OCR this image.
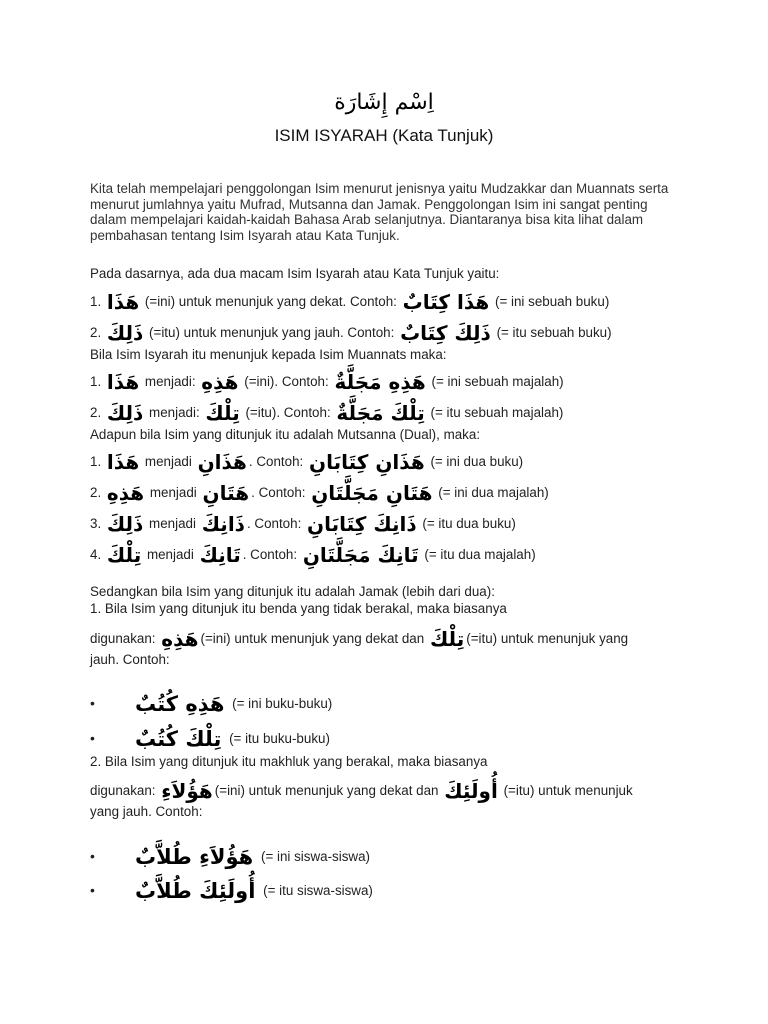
اِسْم إِشَارَة
ISIM ISYARAH (Kata Tunjuk)
Kita telah mempelajari penggolongan Isim menurut jenisnya yaitu Mudzakkar dan Muannats serta menurut jumlahnya yaitu Mufrad, Mutsanna dan Jamak. Penggolongan Isim ini sangat penting dalam mempelajari kaidah-kaidah Bahasa Arab selanjutnya. Diantaranya bisa kita lihat dalam pembahasan tentang Isim Isyarah atau Kata Tunjuk.
Pada dasarnya, ada dua macam Isim Isyarah atau Kata Tunjuk yaitu:
1. هَذَا (=ini) untuk menunjuk yang dekat. Contoh: هَذَا كِتَابٌ (= ini sebuah buku)
2. ذَلِكَ (=itu) untuk menunjuk yang jauh. Contoh: ذَلِكَ كِتَابٌ (= itu sebuah buku)
Bila Isim Isyarah itu menunjuk kepada Isim Muannats maka:
1. هَذَا menjadi: هَذِهِ (=ini). Contoh: هَذِهِ مَجَلَّةٌ (= ini sebuah majalah)
2. ذَلِكَ menjadi: تِلْكَ (=itu). Contoh: تِلْكَ مَجَلَّةٌ (= itu sebuah majalah)
Adapun bila Isim yang ditunjuk itu adalah Mutsanna (Dual), maka:
1. هَذَا menjadi هَذَانِ . Contoh: هَذَانِ كِتَابَانِ (= ini dua buku)
2. هَذِهِ menjadi هَتَانِ . Contoh: هَتَانِ مَجَلَّتَانِ (= ini dua majalah)
3. ذَلِكَ menjadi ذَانِكَ . Contoh: ذَانِكَ كِتَابَانِ (= itu dua buku)
4. تِلْكَ menjadi تَانِكَ . Contoh: تَانِكَ مَجَلَّتَانِ (= itu dua majalah)
Sedangkan bila Isim yang ditunjuk itu adalah Jamak (lebih dari dua):
1. Bila Isim yang ditunjuk itu benda yang tidak berakal, maka biasanya
digunakan: هَذِهِ (=ini) untuk menunjuk yang dekat dan تِلْكَ (=itu) untuk menunjuk yang
jauh. Contoh:
• هَذِهِ كُتُبٌ (= ini buku-buku)
• تِلْكَ كُتُبٌ (= itu buku-buku)
2. Bila Isim yang ditunjuk itu makhluk yang berakal, maka biasanya
digunakan: هَؤُلاَءِ (=ini) untuk menunjuk yang dekat dan أُولَئِكَ (=itu) untuk menunjuk
yang jauh. Contoh:
• هَؤُلاَءِ طُلاَّبٌ (= ini siswa-siswa)
• أُولَئِكَ طُلاَّبٌ (= itu siswa-siswa)
